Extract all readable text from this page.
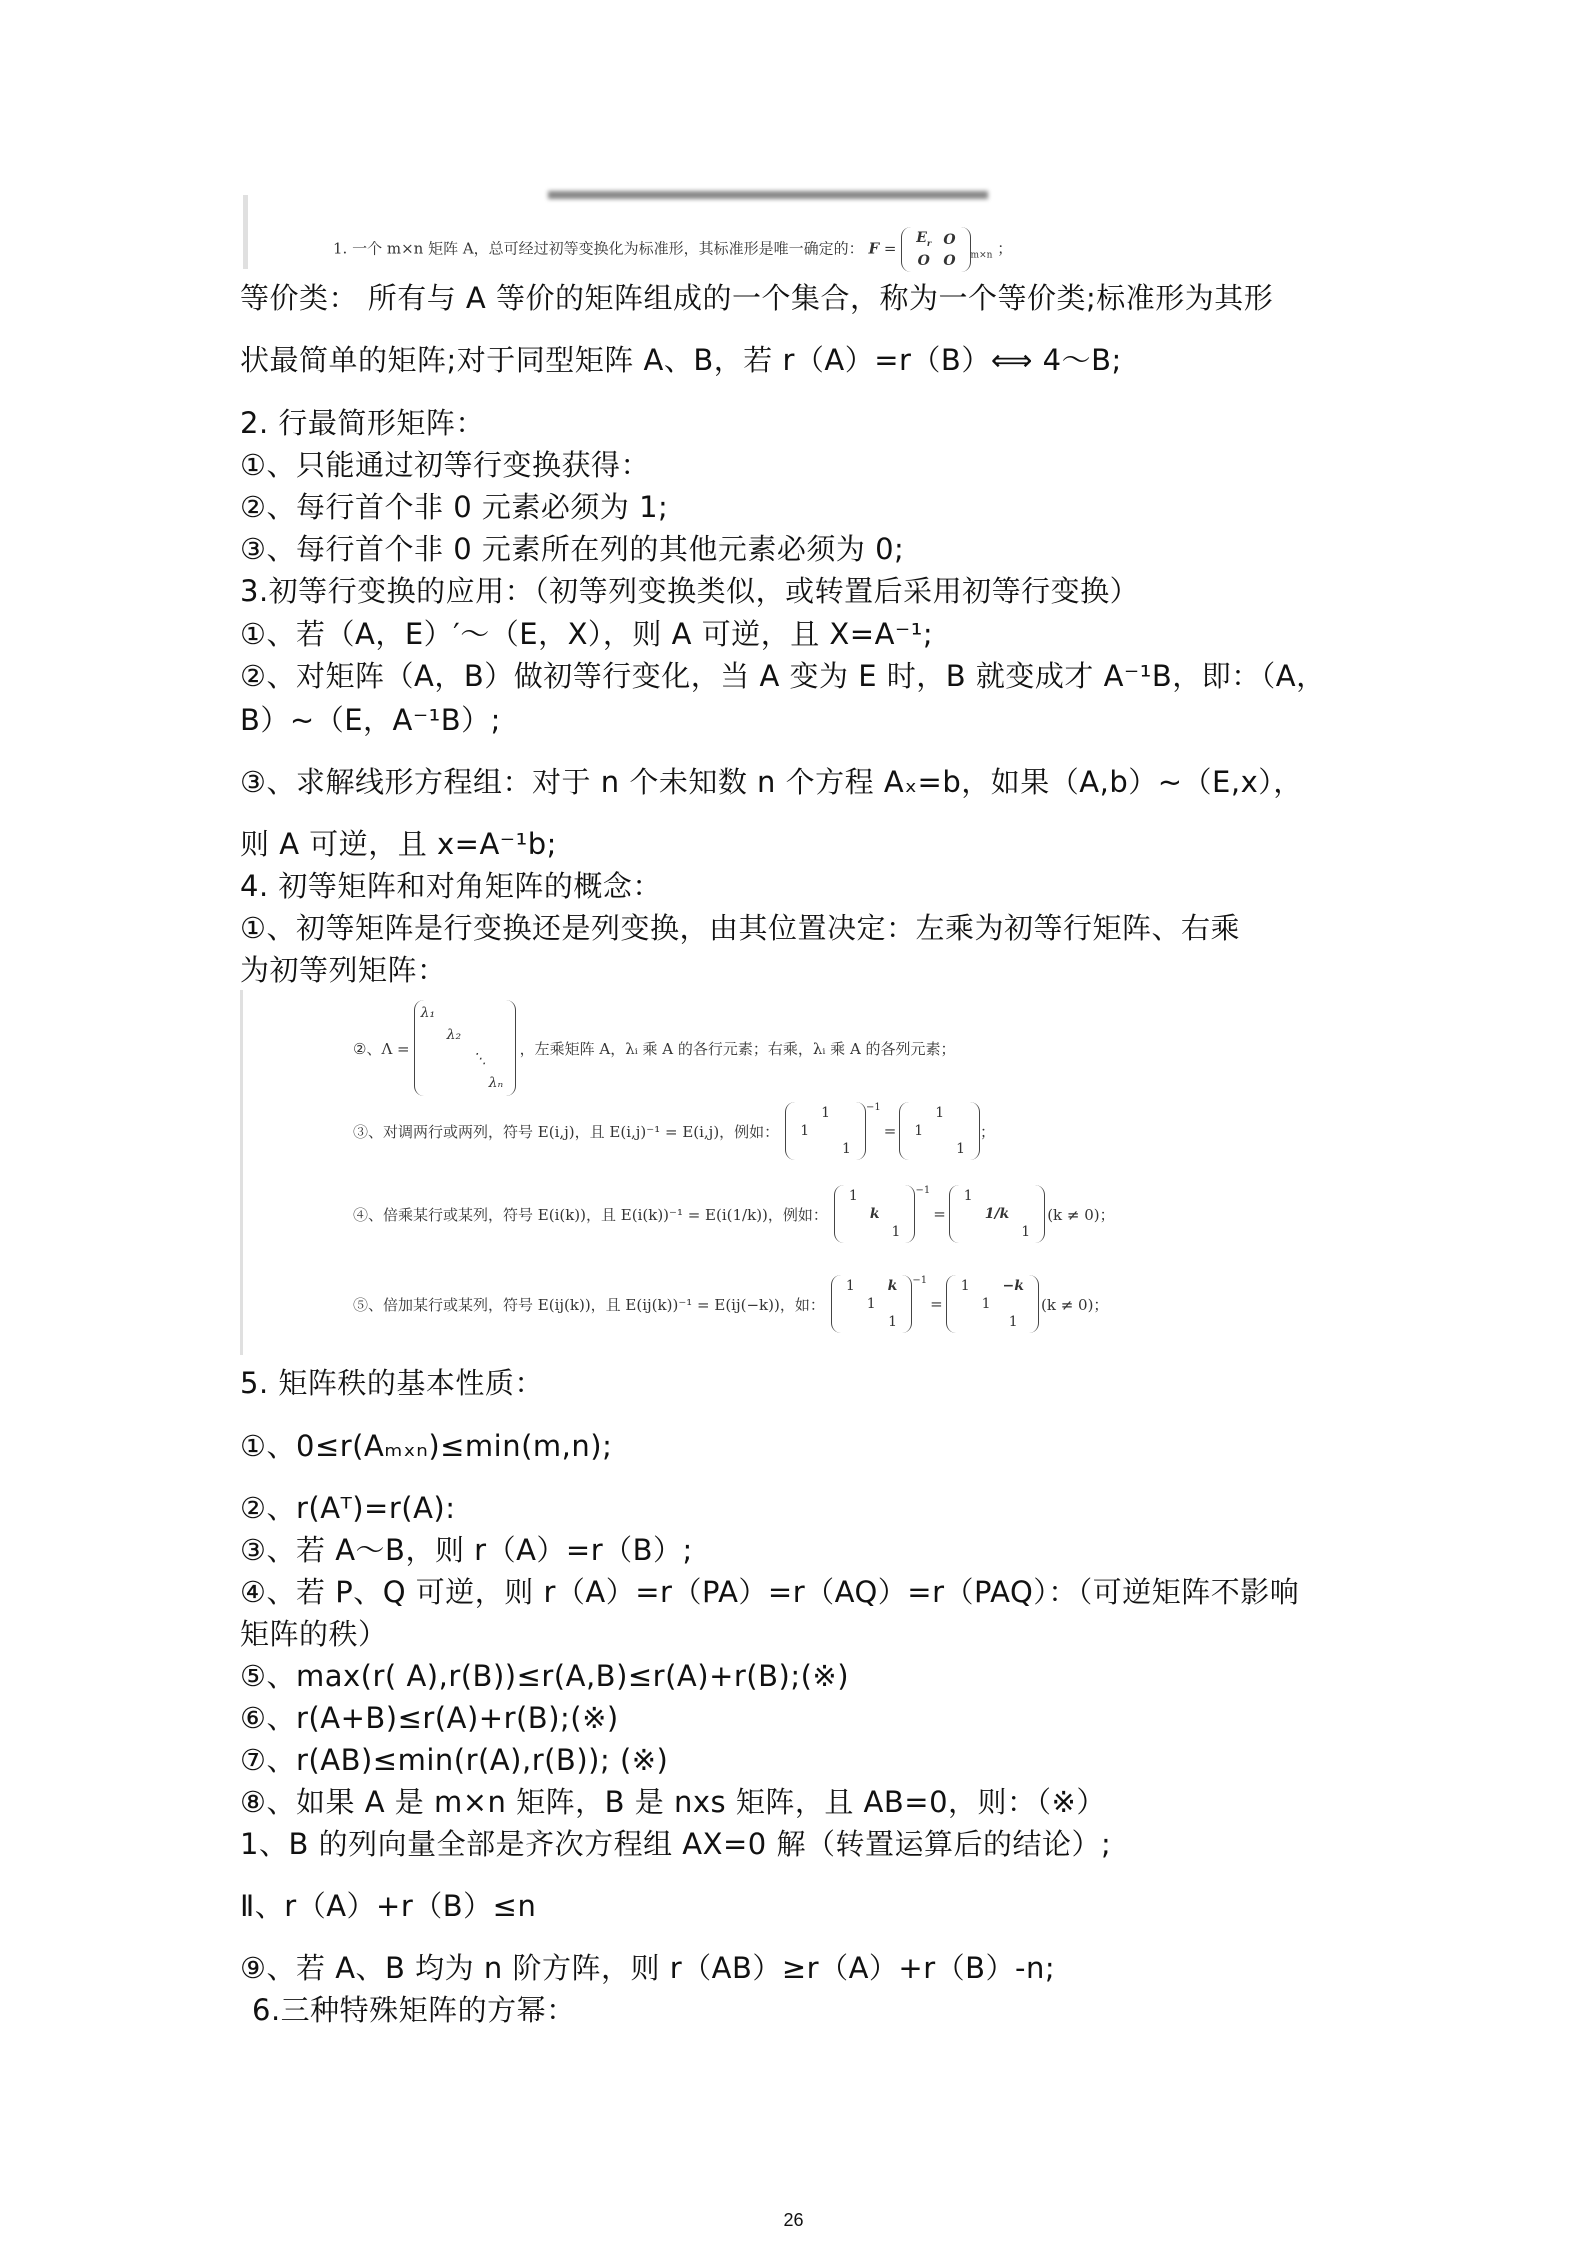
1. 一个 m×n 矩阵 A，总可经过初等变换化为标准形，其标准形是唯一确定的： F =
$E_r$	O
O	O $_{m\times n}$ ；
等价类： 所有与 A 等价的矩阵组成的一个集合，称为一个等价类;标准形为其形
状最简单的矩阵;对于同型矩阵 A、B，若 r（A）=r（B）⟺ 4～B;
2. 行最简形矩阵：
①、只能通过初等行变换获得：
②、每行首个非 0 元素必须为 1;
③、每行首个非 0 元素所在列的其他元素必须为 0;
3.初等行变换的应用：（初等列变换类似，或转置后采用初等行变换）
①、若（A，E）′～（E，X），则 A 可逆，且 X=A⁻¹;
②、对矩阵（A，B）做初等行变化，当 A 变为 E 时，B 就变成才 A⁻¹B，即：（A，
B）~（E，A⁻¹B）;
③、求解线形方程组：对于 n 个未知数 n 个方程 Aₓ=b，如果（A,b）~（E,x），
则 A 可逆，且 x=A⁻¹b;
4. 初等矩阵和对角矩阵的概念：
①、初等矩阵是行变换还是列变换，由其位置决定：左乘为初等行矩阵、右乘
为初等列矩阵：
②、Λ =
λ₁
λ₂
⋱
λₙ
，左乘矩阵 A，λᵢ 乘 A 的各行元素；右乘，λᵢ 乘 A 的各列元素；
③、对调两行或两列，符号 E(i,j)，且 E(i,j)⁻¹ = E(i,j)，例如：
	1	
1		
		1
$^{-1}$
=
	1	
1		
		1
；
④、倍乘某行或某列，符号 E(i(k))，且 E(i(k))⁻¹ = E(i(1/k))，例如：
1		
	k	
		1
$^{-1}$
=
1		
	1/k	
		1
(k ≠ 0)；
⑤、倍加某行或某列，符号 E(ij(k))，且 E(ij(k))⁻¹ = E(ij(−k))，如：
1		k
	1	
		1
$^{-1}$
=
1		−k
	1	
		1
(k ≠ 0)；
5. 矩阵秩的基本性质：
①、0≤r(Aₘₓₙ)≤min(m,n);
②、r(Aᵀ)=r(A):
③、若 A～B，则 r（A）=r（B）;
④、若 P、Q 可逆，则 r（A）=r（PA）=r（AQ）=r（PAQ）：（可逆矩阵不影响
矩阵的秩）
⑤、max(r( A),r(B))≤r(A,B)≤r(A)+r(B);(※)
⑥、r(A+B)≤r(A)+r(B);(※)
⑦、r(AB)≤min(r(A),r(B)); (※)
⑧、如果 A 是 m×n 矩阵，B 是 nxs 矩阵，且 AB=0，则：（※）
1、B 的列向量全部是齐次方程组 AX=0 解（转置运算后的结论）;
Ⅱ、r（A）+r（B）≤n
⑨、若 A、B 均为 n 阶方阵，则 r（AB）≥r（A）+r（B）-n;
6.三种特殊矩阵的方幂：
26
